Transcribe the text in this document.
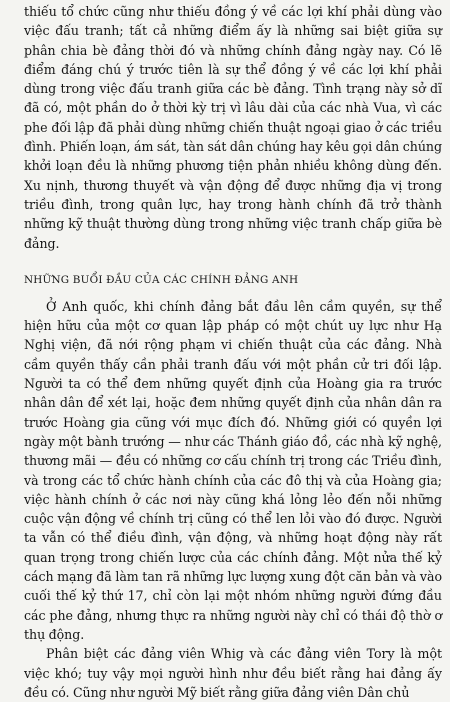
thiếu tổ chức cũng như thiếu đồng ý về các lợi khí phải dùng vào việc đấu tranh; tất cả những điểm ấy là những sai biệt giữa sự phân chia bè đảng thời đó và những chính đảng ngày nay. Có lẽ điểm đáng chú ý trước tiên là sự thể đồng ý về các lợi khí phải dùng trong việc đấu tranh giữa các bè đảng. Tình trạng này sở dĩ đã có, một phần do ở thời kỳ trị vì lâu dài của các nhà Vua, vì các phe đối lập đã phải dùng những chiến thuật ngoại giao ở các triều đình. Phiến loạn, ám sát, tàn sát dân chúng hay kêu gọi dân chúng khởi loạn đều là những phương tiện phản nhiều không dùng đến. Xu nịnh, thương thuyết và vận động để được những địa vị trong triều đình, trong quân lực, hay trong hành chính đã trở thành những kỹ thuật thường dùng trong những việc tranh chấp giữa bè đảng.

NHỮNG BUỔI ĐẦU CỦA CÁC CHÍNH ĐẢNG ANH

Ở Anh quốc, khi chính đảng bắt đầu lên cầm quyền, sự thể hiện hữu của một cơ quan lập pháp có một chút uy lực như Hạ Nghị viện, đã nới rộng phạm vi chiến thuật của các đảng. Nhà cầm quyền thấy cần phải tranh đấu với một phần cử tri đối lập. Người ta có thể đem những quyết định của Hoàng gia ra trước nhân dân để xét lại, hoặc đem những quyết định của nhân dân ra trước Hoàng gia cũng với mục đích đó. Những giới có quyền lợi ngày một bành trướng — như các Thánh giáo đồ, các nhà kỹ nghệ, thương mãi — đều có những cơ cấu chính trị trong các Triều đình, và trong các tổ chức hành chính của các đô thị và của Hoàng gia; việc hành chính ở các nơi này cũng khá lỏng lẻo đến nỗi những cuộc vận động về chính trị cũng có thể len lỏi vào đó được. Người ta vẫn có thể điều đình, vận động, và những hoạt động này rất quan trọng trong chiến lược của các chính đảng. Một nửa thế kỷ cách mạng đã làm tan rã những lực lượng xung đột căn bản và vào cuối thế kỷ thứ 17, chỉ còn lại một nhóm những người đứng đầu các phe đảng, nhưng thực ra những người này chỉ có thái độ thờ ơ thụ động.

Phân biệt các đảng viên Whig và các đảng viên Tory là một việc khó; tuy vậy mọi người hình như đều biết rằng hai đảng ấy đều có. Cũng như người Mỹ biết rằng giữa đảng viên Dân chủ
